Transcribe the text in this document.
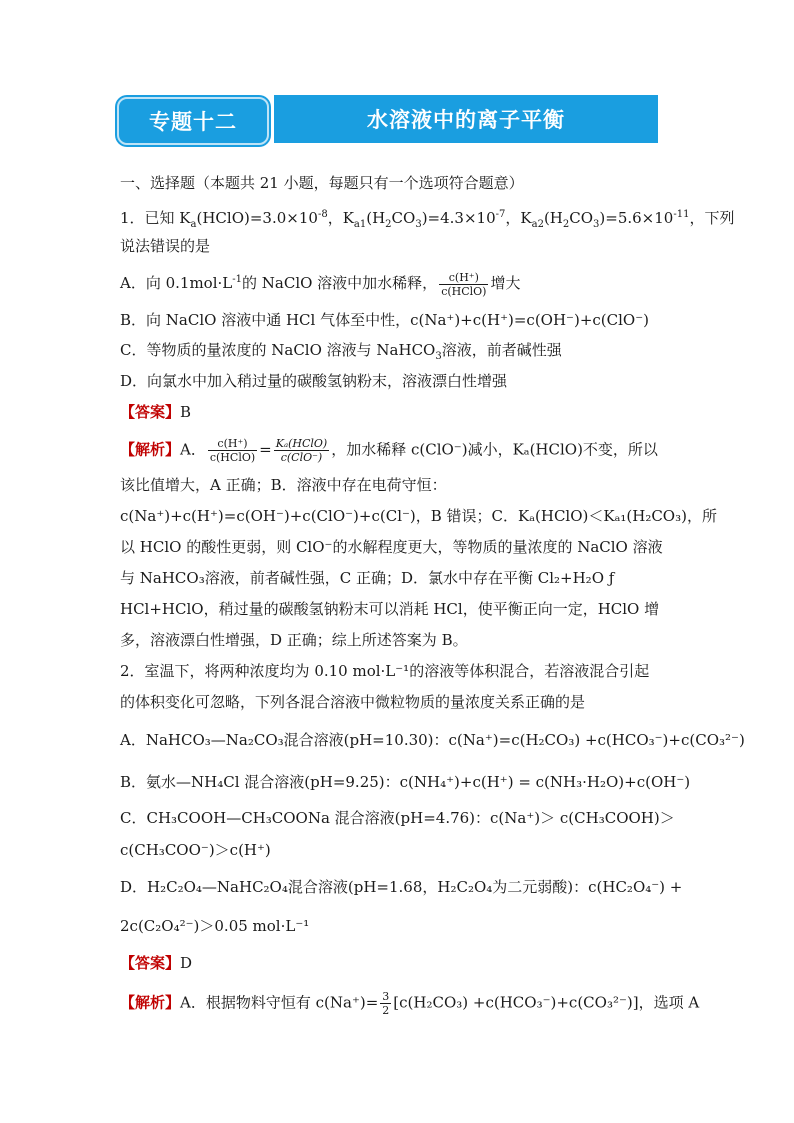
专题十二	水溶液中的离子平衡
一、选择题（本题共 21 小题，每题只有一个选项符合题意）
1．已知 $K_a(HClO)=3.0\times 10^{-8}$，$K_{a1}(H_2CO_3)=4.3\times 10^{-7}$，$K_{a2}(H_2CO_3)=5.6\times 10^{-11}$，下列
说法错误的是
A．向 $0.1mol\cdot L^{-1}$的 NaClO 溶液中加水稀释， $\frac{c(H^+)}{\text{c(HClO)}}$ 增大
B．向 NaClO 溶液中通 HCl 气体至中性，c(Na⁺)+c(H⁺)=c(OH⁻)+c(ClO⁻)
C．等物质的量浓度的 NaClO 溶液与 NaHCO$_3$溶液，前者碱性强
D．向氯水中加入稍过量的碳酸氢钠粉末，溶液漂白性增强
【答案】B
【解析】A． $\frac{c(H^+)}{\text{c(HClO)}} = \frac{\text{Kₐ(HClO)}}{\text{c(ClO⁻)}}$ ，加水稀释 c(ClO⁻)减小，Kₐ(HClO)不变，所以
该比值增大，A 正确；B．溶液中存在电荷守恒：
c(Na⁺)+c(H⁺)=c(OH⁻)+c(ClO⁻)+c(Cl⁻)，B 错误；C．Kₐ(HClO)＜Kₐ₁(H₂CO₃)，所
以 HClO 的酸性更弱，则 ClO⁻的水解程度更大，等物质的量浓度的 NaClO 溶液
与 NaHCO₃溶液，前者碱性强，C 正确；D．氯水中存在平衡 Cl₂+H₂O ƒ
HCl+HClO，稍过量的碳酸氢钠粉末可以消耗 HCl，使平衡正向一定，HClO 增
多，溶液漂白性增强，D 正确；综上所述答案为 B。
2．室温下，将两种浓度均为 0.10 mol·L⁻¹的溶液等体积混合，若溶液混合引起
的体积变化可忽略，下列各混合溶液中微粒物质的量浓度关系正确的是
A．NaHCO₃—Na₂CO₃混合溶液(pH=10.30)：c(Na⁺)=c(H₂CO₃) +c(HCO₃⁻)+c(CO₃²⁻)
B．氨水—NH₄Cl 混合溶液(pH=9.25)：c(NH₄⁺)+c(H⁺) = c(NH₃·H₂O)+c(OH⁻)
C．CH₃COOH—CH₃COONa 混合溶液(pH=4.76)：c(Na⁺)＞ c(CH₃COOH)＞
c(CH₃COO⁻)＞c(H⁺)
D．H₂C₂O₄—NaHC₂O₄混合溶液(pH=1.68，H₂C₂O₄为二元弱酸)：c(HC₂O₄⁻) +
2c(C₂O₄²⁻)＞0.05 mol·L⁻¹
【答案】D
【解析】A．根据物料守恒有 $c(Na^+)= \frac{3}{2} [c(H_2CO_3) +c(HCO_3^-)+c(CO_3^{2-})]$，选项 A
